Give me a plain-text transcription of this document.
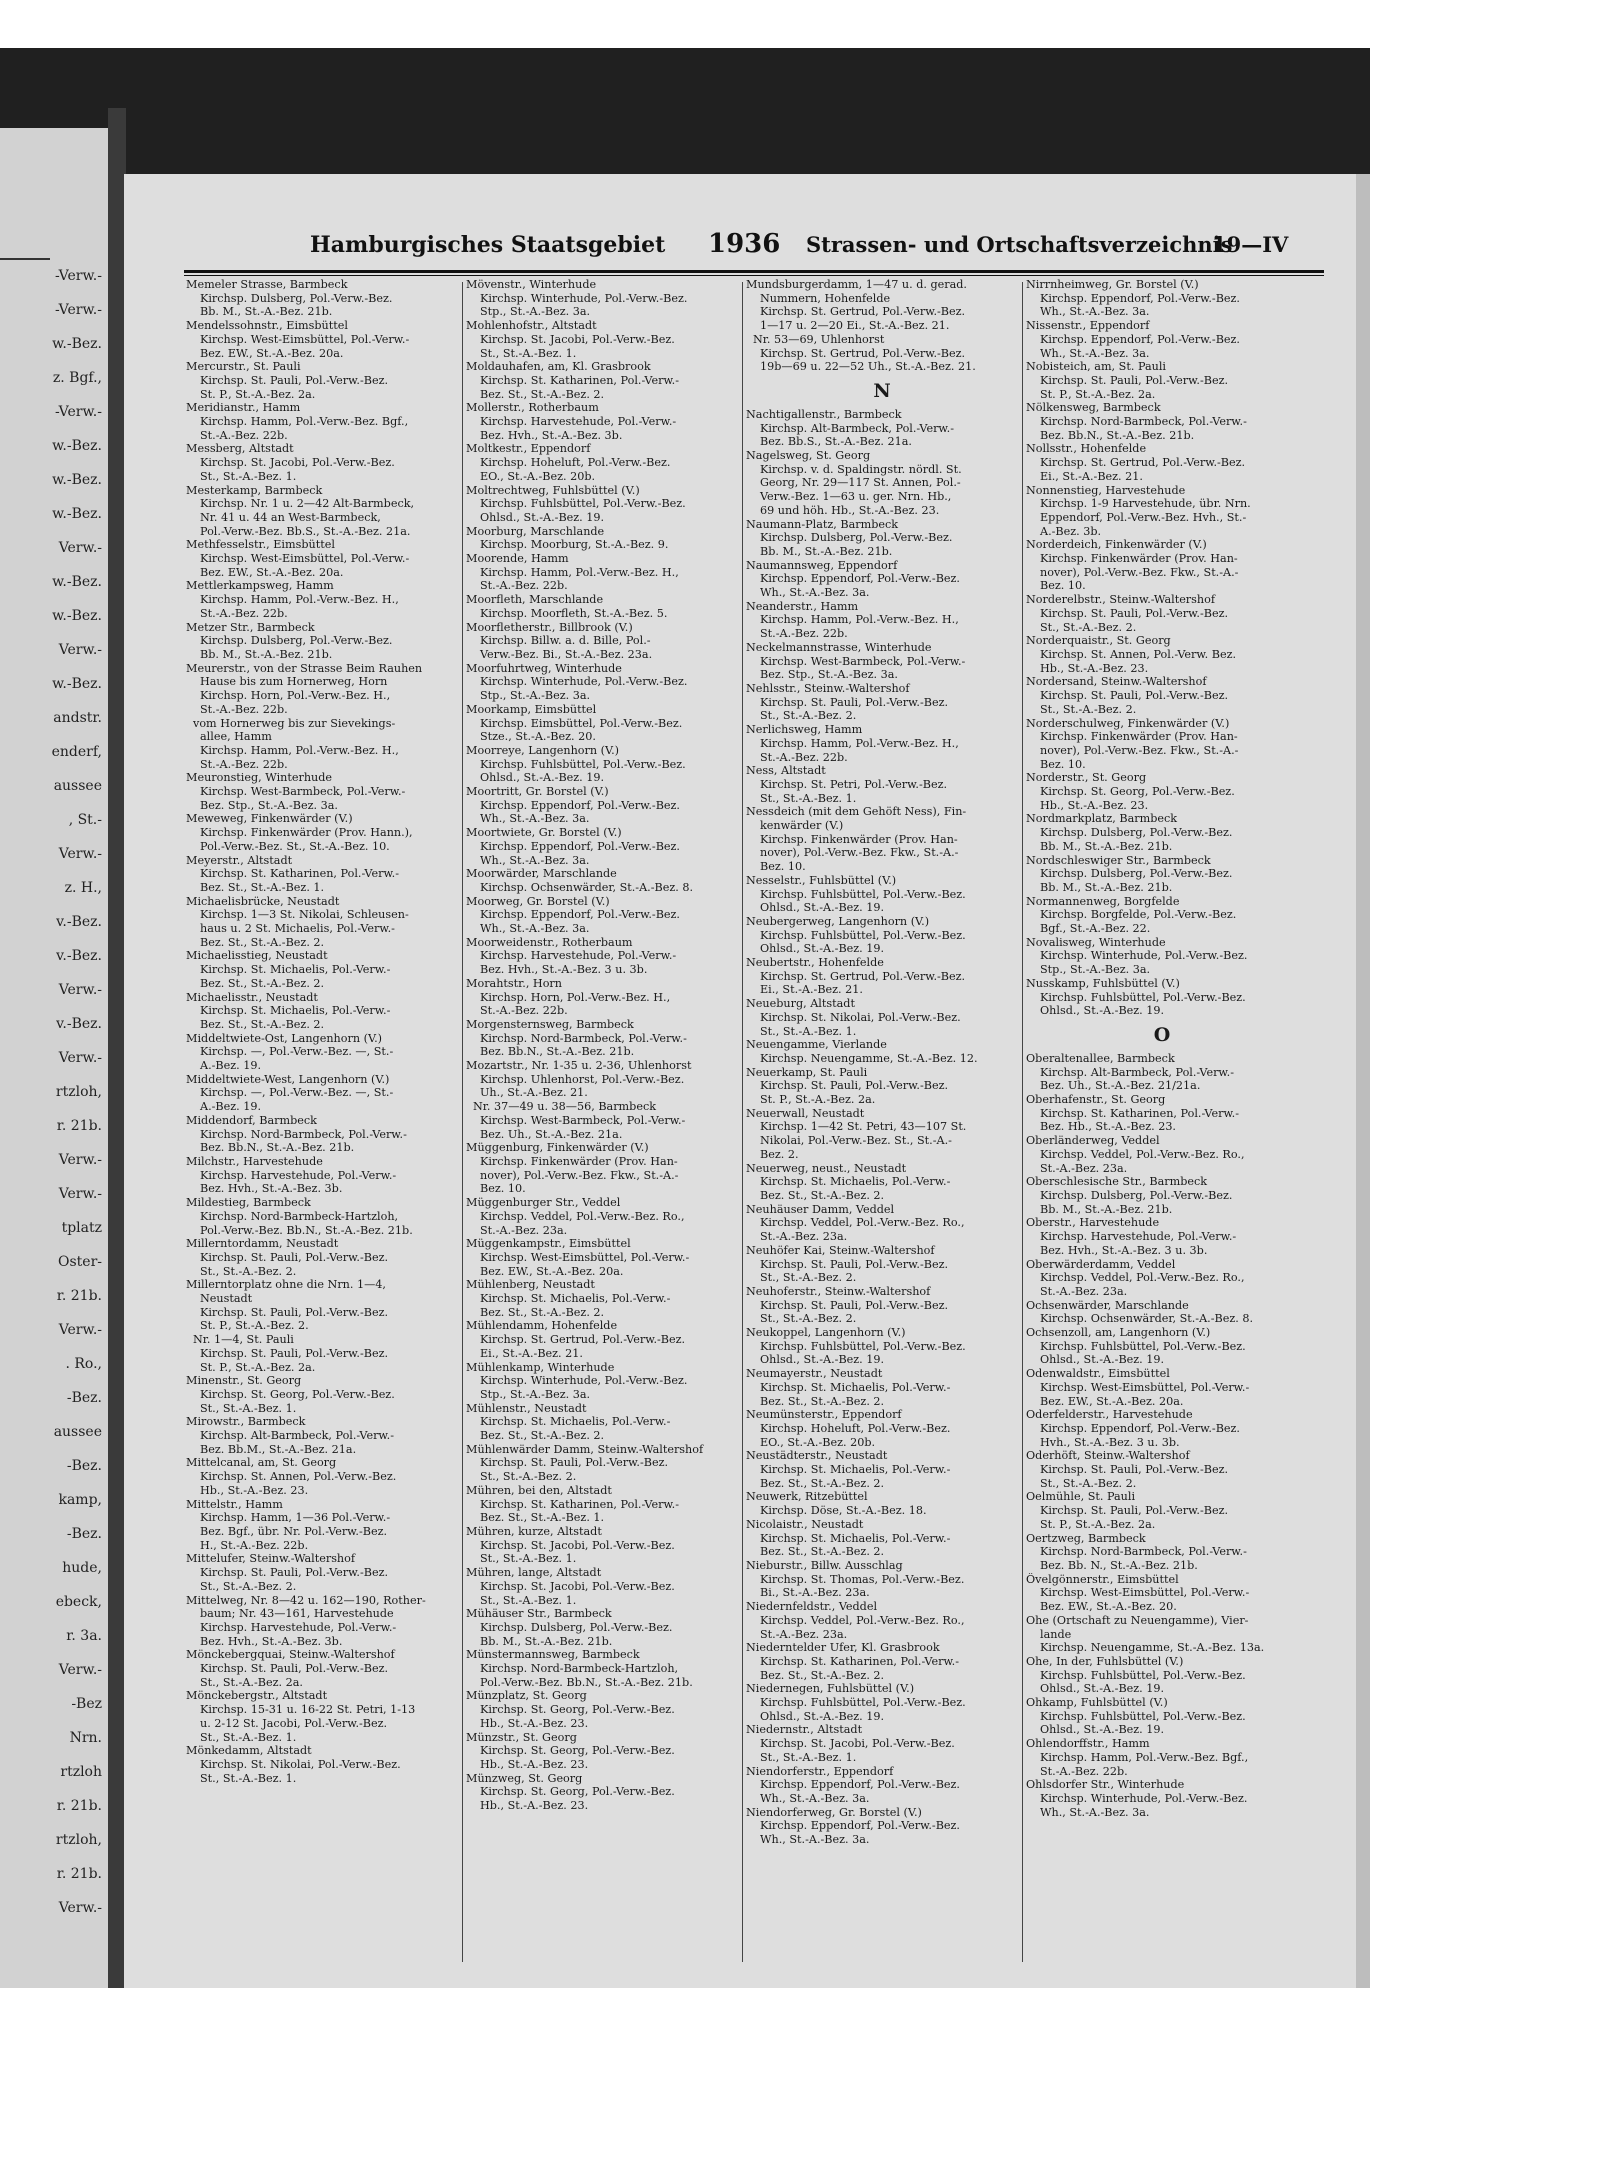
-Verw.-
-Verw.-
w.-Bez.
z. Bgf.,
-Verw.-
w.-Bez.
w.-Bez.
w.-Bez.
Verw.-
w.-Bez.
w.-Bez.
Verw.-
w.-Bez.
andstr.
enderf,
aussee
, St.-
Verw.-
z. H.,
v.-Bez.
v.-Bez.
Verw.-
v.-Bez.
Verw.-
rtzloh,
r. 21b.
Verw.-
Verw.-
tplatz
Oster-
r. 21b.
Verw.-
. Ro.,
-Bez.
aussee
-Bez.
kamp,
-Bez.
hude,
ebeck,
r. 3a.
Verw.-
-Bez
Nrn.
rtzloh
r. 21b.
rtzloh,
r. 21b.
Verw.-
Hamburgisches Staatsgebiet 1936 Strassen- und Ortschaftsverzeichnis
19—IV
Memeler Strasse, Barmbeck
Kirchsp. Dulsberg, Pol.-Verw.-Bez.
Bb. M., St.-A.-Bez. 21b.
Mendelssohnstr., Eimsbüttel
Kirchsp. West-Eimsbüttel, Pol.-Verw.-
Bez. EW., St.-A.-Bez. 20a.
Mercurstr., St. Pauli
Kirchsp. St. Pauli, Pol.-Verw.-Bez.
St. P., St.-A.-Bez. 2a.
Meridianstr., Hamm
Kirchsp. Hamm, Pol.-Verw.-Bez. Bgf.,
St.-A.-Bez. 22b.
Messberg, Altstadt
Kirchsp. St. Jacobi, Pol.-Verw.-Bez.
St., St.-A.-Bez. 1.
Mesterkamp, Barmbeck
Kirchsp. Nr. 1 u. 2—42 Alt-Barmbeck,
Nr. 41 u. 44 an West-Barmbeck,
Pol.-Verw.-Bez. Bb.S., St.-A.-Bez. 21a.
Methfesselstr., Eimsbüttel
Kirchsp. West-Eimsbüttel, Pol.-Verw.-
Bez. EW., St.-A.-Bez. 20a.
Mettlerkampsweg, Hamm
Kirchsp. Hamm, Pol.-Verw.-Bez. H.,
St.-A.-Bez. 22b.
Metzer Str., Barmbeck
Kirchsp. Dulsberg, Pol.-Verw.-Bez.
Bb. M., St.-A.-Bez. 21b.
Meurerstr., von der Strasse Beim Rauhen
Hause bis zum Hornerweg, Horn
Kirchsp. Horn, Pol.-Verw.-Bez. H.,
St.-A.-Bez. 22b.
vom Hornerweg bis zur Sievekings-
allee, Hamm
Kirchsp. Hamm, Pol.-Verw.-Bez. H.,
St.-A.-Bez. 22b.
Meuronstieg, Winterhude
Kirchsp. West-Barmbeck, Pol.-Verw.-
Bez. Stp., St.-A.-Bez. 3a.
Meweweg, Finkenwärder (V.)
Kirchsp. Finkenwärder (Prov. Hann.),
Pol.-Verw.-Bez. St., St.-A.-Bez. 10.
Meyerstr., Altstadt
Kirchsp. St. Katharinen, Pol.-Verw.-
Bez. St., St.-A.-Bez. 1.
Michaelisbrücke, Neustadt
Kirchsp. 1—3 St. Nikolai, Schleusen-
haus u. 2 St. Michaelis, Pol.-Verw.-
Bez. St., St.-A.-Bez. 2.
Michaelisstieg, Neustadt
Kirchsp. St. Michaelis, Pol.-Verw.-
Bez. St., St.-A.-Bez. 2.
Michaelisstr., Neustadt
Kirchsp. St. Michaelis, Pol.-Verw.-
Bez. St., St.-A.-Bez. 2.
Middeltwiete-Ost, Langenhorn (V.)
Kirchsp. —, Pol.-Verw.-Bez. —, St.-
A.-Bez. 19.
Middeltwiete-West, Langenhorn (V.)
Kirchsp. —, Pol.-Verw.-Bez. —, St.-
A.-Bez. 19.
Middendorf, Barmbeck
Kirchsp. Nord-Barmbeck, Pol.-Verw.-
Bez. Bb.N., St.-A.-Bez. 21b.
Milchstr., Harvestehude
Kirchsp. Harvestehude, Pol.-Verw.-
Bez. Hvh., St.-A.-Bez. 3b.
Mildestieg, Barmbeck
Kirchsp. Nord-Barmbeck-Hartzloh,
Pol.-Verw.-Bez. Bb.N., St.-A.-Bez. 21b.
Millerntordamm, Neustadt
Kirchsp. St. Pauli, Pol.-Verw.-Bez.
St., St.-A.-Bez. 2.
Millerntorplatz ohne die Nrn. 1—4,
Neustadt
Kirchsp. St. Pauli, Pol.-Verw.-Bez.
St. P., St.-A.-Bez. 2.
Nr. 1—4, St. Pauli
Kirchsp. St. Pauli, Pol.-Verw.-Bez.
St. P., St.-A.-Bez. 2a.
Minenstr., St. Georg
Kirchsp. St. Georg, Pol.-Verw.-Bez.
St., St.-A.-Bez. 1.
Mirowstr., Barmbeck
Kirchsp. Alt-Barmbeck, Pol.-Verw.-
Bez. Bb.M., St.-A.-Bez. 21a.
Mittelcanal, am, St. Georg
Kirchsp. St. Annen, Pol.-Verw.-Bez.
Hb., St.-A.-Bez. 23.
Mittelstr., Hamm
Kirchsp. Hamm, 1—36 Pol.-Verw.-
Bez. Bgf., übr. Nr. Pol.-Verw.-Bez.
H., St.-A.-Bez. 22b.
Mittelufer, Steinw.-Waltershof
Kirchsp. St. Pauli, Pol.-Verw.-Bez.
St., St.-A.-Bez. 2.
Mittelweg, Nr. 8—42 u. 162—190, Rother-
baum; Nr. 43—161, Harvestehude
Kirchsp. Harvestehude, Pol.-Verw.-
Bez. Hvh., St.-A.-Bez. 3b.
Mönckebergquai, Steinw.-Waltershof
Kirchsp. St. Pauli, Pol.-Verw.-Bez.
St., St.-A.-Bez. 2a.
Mönckebergstr., Altstadt
Kirchsp. 15-31 u. 16-22 St. Petri, 1-13
u. 2-12 St. Jacobi, Pol.-Verw.-Bez.
St., St.-A.-Bez. 1.
Mönkedamm, Altstadt
Kirchsp. St. Nikolai, Pol.-Verw.-Bez.
St., St.-A.-Bez. 1.
Mövenstr., Winterhude
Kirchsp. Winterhude, Pol.-Verw.-Bez.
Stp., St.-A.-Bez. 3a.
Mohlenhofstr., Altstadt
Kirchsp. St. Jacobi, Pol.-Verw.-Bez.
St., St.-A.-Bez. 1.
Moldauhafen, am, Kl. Grasbrook
Kirchsp. St. Katharinen, Pol.-Verw.-
Bez. St., St.-A.-Bez. 2.
Mollerstr., Rotherbaum
Kirchsp. Harvestehude, Pol.-Verw.-
Bez. Hvh., St.-A.-Bez. 3b.
Moltkestr., Eppendorf
Kirchsp. Hoheluft, Pol.-Verw.-Bez.
EO., St.-A.-Bez. 20b.
Moltrechtweg, Fuhlsbüttel (V.)
Kirchsp. Fuhlsbüttel, Pol.-Verw.-Bez.
Ohlsd., St.-A.-Bez. 19.
Moorburg, Marschlande
Kirchsp. Moorburg, St.-A.-Bez. 9.
Moorende, Hamm
Kirchsp. Hamm, Pol.-Verw.-Bez. H.,
St.-A.-Bez. 22b.
Moorfleth, Marschlande
Kirchsp. Moorfleth, St.-A.-Bez. 5.
Moorfletherstr., Billbrook (V.)
Kirchsp. Billw. a. d. Bille, Pol.-
Verw.-Bez. Bi., St.-A.-Bez. 23a.
Moorfuhrtweg, Winterhude
Kirchsp. Winterhude, Pol.-Verw.-Bez.
Stp., St.-A.-Bez. 3a.
Moorkamp, Eimsbüttel
Kirchsp. Eimsbüttel, Pol.-Verw.-Bez.
Stze., St.-A.-Bez. 20.
Moorreye, Langenhorn (V.)
Kirchsp. Fuhlsbüttel, Pol.-Verw.-Bez.
Ohlsd., St.-A.-Bez. 19.
Moortritt, Gr. Borstel (V.)
Kirchsp. Eppendorf, Pol.-Verw.-Bez.
Wh., St.-A.-Bez. 3a.
Moortwiete, Gr. Borstel (V.)
Kirchsp. Eppendorf, Pol.-Verw.-Bez.
Wh., St.-A.-Bez. 3a.
Moorwärder, Marschlande
Kirchsp. Ochsenwärder, St.-A.-Bez. 8.
Moorweg, Gr. Borstel (V.)
Kirchsp. Eppendorf, Pol.-Verw.-Bez.
Wh., St.-A.-Bez. 3a.
Moorweidenstr., Rotherbaum
Kirchsp. Harvestehude, Pol.-Verw.-
Bez. Hvh., St.-A.-Bez. 3 u. 3b.
Morahtstr., Horn
Kirchsp. Horn, Pol.-Verw.-Bez. H.,
St.-A.-Bez. 22b.
Morgensternsweg, Barmbeck
Kirchsp. Nord-Barmbeck, Pol.-Verw.-
Bez. Bb.N., St.-A.-Bez. 21b.
Mozartstr., Nr. 1-35 u. 2-36, Uhlenhorst
Kirchsp. Uhlenhorst, Pol.-Verw.-Bez.
Uh., St.-A.-Bez. 21.
Nr. 37—49 u. 38—56, Barmbeck
Kirchsp. West-Barmbeck, Pol.-Verw.-
Bez. Uh., St.-A.-Bez. 21a.
Müggenburg, Finkenwärder (V.)
Kirchsp. Finkenwärder (Prov. Han-
nover), Pol.-Verw.-Bez. Fkw., St.-A.-
Bez. 10.
Müggenburger Str., Veddel
Kirchsp. Veddel, Pol.-Verw.-Bez. Ro.,
St.-A.-Bez. 23a.
Müggenkampstr., Eimsbüttel
Kirchsp. West-Eimsbüttel, Pol.-Verw.-
Bez. EW., St.-A.-Bez. 20a.
Mühlenberg, Neustadt
Kirchsp. St. Michaelis, Pol.-Verw.-
Bez. St., St.-A.-Bez. 2.
Mühlendamm, Hohenfelde
Kirchsp. St. Gertrud, Pol.-Verw.-Bez.
Ei., St.-A.-Bez. 21.
Mühlenkamp, Winterhude
Kirchsp. Winterhude, Pol.-Verw.-Bez.
Stp., St.-A.-Bez. 3a.
Mühlenstr., Neustadt
Kirchsp. St. Michaelis, Pol.-Verw.-
Bez. St., St.-A.-Bez. 2.
Mühlenwärder Damm, Steinw.-Waltershof
Kirchsp. St. Pauli, Pol.-Verw.-Bez.
St., St.-A.-Bez. 2.
Mühren, bei den, Altstadt
Kirchsp. St. Katharinen, Pol.-Verw.-
Bez. St., St.-A.-Bez. 1.
Mühren, kurze, Altstadt
Kirchsp. St. Jacobi, Pol.-Verw.-Bez.
St., St.-A.-Bez. 1.
Mühren, lange, Altstadt
Kirchsp. St. Jacobi, Pol.-Verw.-Bez.
St., St.-A.-Bez. 1.
Mühäuser Str., Barmbeck
Kirchsp. Dulsberg, Pol.-Verw.-Bez.
Bb. M., St.-A.-Bez. 21b.
Münstermannsweg, Barmbeck
Kirchsp. Nord-Barmbeck-Hartzloh,
Pol.-Verw.-Bez. Bb.N., St.-A.-Bez. 21b.
Münzplatz, St. Georg
Kirchsp. St. Georg, Pol.-Verw.-Bez.
Hb., St.-A.-Bez. 23.
Münzstr., St. Georg
Kirchsp. St. Georg, Pol.-Verw.-Bez.
Hb., St.-A.-Bez. 23.
Münzweg, St. Georg
Kirchsp. St. Georg, Pol.-Verw.-Bez.
Hb., St.-A.-Bez. 23.
Mundsburgerdamm, 1—47 u. d. gerad.
Nummern, Hohenfelde
Kirchsp. St. Gertrud, Pol.-Verw.-Bez.
1—17 u. 2—20 Ei., St.-A.-Bez. 21.
Nr. 53—69, Uhlenhorst
Kirchsp. St. Gertrud, Pol.-Verw.-Bez.
19b—69 u. 22—52 Uh., St.-A.-Bez. 21.
N
Nachtigallenstr., Barmbeck
Kirchsp. Alt-Barmbeck, Pol.-Verw.-
Bez. Bb.S., St.-A.-Bez. 21a.
Nagelsweg, St. Georg
Kirchsp. v. d. Spaldingstr. nördl. St.
Georg, Nr. 29—117 St. Annen, Pol.-
Verw.-Bez. 1—63 u. ger. Nrn. Hb.,
69 und höh. Hb., St.-A.-Bez. 23.
Naumann-Platz, Barmbeck
Kirchsp. Dulsberg, Pol.-Verw.-Bez.
Bb. M., St.-A.-Bez. 21b.
Naumannsweg, Eppendorf
Kirchsp. Eppendorf, Pol.-Verw.-Bez.
Wh., St.-A.-Bez. 3a.
Neanderstr., Hamm
Kirchsp. Hamm, Pol.-Verw.-Bez. H.,
St.-A.-Bez. 22b.
Neckelmannstrasse, Winterhude
Kirchsp. West-Barmbeck, Pol.-Verw.-
Bez. Stp., St.-A.-Bez. 3a.
Nehlsstr., Steinw.-Waltershof
Kirchsp. St. Pauli, Pol.-Verw.-Bez.
St., St.-A.-Bez. 2.
Nerlichsweg, Hamm
Kirchsp. Hamm, Pol.-Verw.-Bez. H.,
St.-A.-Bez. 22b.
Ness, Altstadt
Kirchsp. St. Petri, Pol.-Verw.-Bez.
St., St.-A.-Bez. 1.
Nessdeich (mit dem Gehöft Ness), Fin-
kenwärder (V.)
Kirchsp. Finkenwärder (Prov. Han-
nover), Pol.-Verw.-Bez. Fkw., St.-A.-
Bez. 10.
Nesselstr., Fuhlsbüttel (V.)
Kirchsp. Fuhlsbüttel, Pol.-Verw.-Bez.
Ohlsd., St.-A.-Bez. 19.
Neubergerweg, Langenhorn (V.)
Kirchsp. Fuhlsbüttel, Pol.-Verw.-Bez.
Ohlsd., St.-A.-Bez. 19.
Neubertstr., Hohenfelde
Kirchsp. St. Gertrud, Pol.-Verw.-Bez.
Ei., St.-A.-Bez. 21.
Neueburg, Altstadt
Kirchsp. St. Nikolai, Pol.-Verw.-Bez.
St., St.-A.-Bez. 1.
Neuengamme, Vierlande
Kirchsp. Neuengamme, St.-A.-Bez. 12.
Neuerkamp, St. Pauli
Kirchsp. St. Pauli, Pol.-Verw.-Bez.
St. P., St.-A.-Bez. 2a.
Neuerwall, Neustadt
Kirchsp. 1—42 St. Petri, 43—107 St.
Nikolai, Pol.-Verw.-Bez. St., St.-A.-
Bez. 2.
Neuerweg, neust., Neustadt
Kirchsp. St. Michaelis, Pol.-Verw.-
Bez. St., St.-A.-Bez. 2.
Neuhäuser Damm, Veddel
Kirchsp. Veddel, Pol.-Verw.-Bez. Ro.,
St.-A.-Bez. 23a.
Neuhöfer Kai, Steinw.-Waltershof
Kirchsp. St. Pauli, Pol.-Verw.-Bez.
St., St.-A.-Bez. 2.
Neuhoferstr., Steinw.-Waltershof
Kirchsp. St. Pauli, Pol.-Verw.-Bez.
St., St.-A.-Bez. 2.
Neukoppel, Langenhorn (V.)
Kirchsp. Fuhlsbüttel, Pol.-Verw.-Bez.
Ohlsd., St.-A.-Bez. 19.
Neumayerstr., Neustadt
Kirchsp. St. Michaelis, Pol.-Verw.-
Bez. St., St.-A.-Bez. 2.
Neumünsterstr., Eppendorf
Kirchsp. Hoheluft, Pol.-Verw.-Bez.
EO., St.-A.-Bez. 20b.
Neustädterstr., Neustadt
Kirchsp. St. Michaelis, Pol.-Verw.-
Bez. St., St.-A.-Bez. 2.
Neuwerk, Ritzebüttel
Kirchsp. Döse, St.-A.-Bez. 18.
Nicolaistr., Neustadt
Kirchsp. St. Michaelis, Pol.-Verw.-
Bez. St., St.-A.-Bez. 2.
Nieburstr., Billw. Ausschlag
Kirchsp. St. Thomas, Pol.-Verw.-Bez.
Bi., St.-A.-Bez. 23a.
Niedernfeldstr., Veddel
Kirchsp. Veddel, Pol.-Verw.-Bez. Ro.,
St.-A.-Bez. 23a.
Niederntelder Ufer, Kl. Grasbrook
Kirchsp. St. Katharinen, Pol.-Verw.-
Bez. St., St.-A.-Bez. 2.
Niedernegen, Fuhlsbüttel (V.)
Kirchsp. Fuhlsbüttel, Pol.-Verw.-Bez.
Ohlsd., St.-A.-Bez. 19.
Niedernstr., Altstadt
Kirchsp. St. Jacobi, Pol.-Verw.-Bez.
St., St.-A.-Bez. 1.
Niendorferstr., Eppendorf
Kirchsp. Eppendorf, Pol.-Verw.-Bez.
Wh., St.-A.-Bez. 3a.
Niendorferweg, Gr. Borstel (V.)
Kirchsp. Eppendorf, Pol.-Verw.-Bez.
Wh., St.-A.-Bez. 3a.
Nirrnheimweg, Gr. Borstel (V.)
Kirchsp. Eppendorf, Pol.-Verw.-Bez.
Wh., St.-A.-Bez. 3a.
Nissenstr., Eppendorf
Kirchsp. Eppendorf, Pol.-Verw.-Bez.
Wh., St.-A.-Bez. 3a.
Nobisteich, am, St. Pauli
Kirchsp. St. Pauli, Pol.-Verw.-Bez.
St. P., St.-A.-Bez. 2a.
Nölkensweg, Barmbeck
Kirchsp. Nord-Barmbeck, Pol.-Verw.-
Bez. Bb.N., St.-A.-Bez. 21b.
Nollsstr., Hohenfelde
Kirchsp. St. Gertrud, Pol.-Verw.-Bez.
Ei., St.-A.-Bez. 21.
Nonnenstieg, Harvestehude
Kirchsp. 1-9 Harvestehude, übr. Nrn.
Eppendorf, Pol.-Verw.-Bez. Hvh., St.-
A.-Bez. 3b.
Norderdeich, Finkenwärder (V.)
Kirchsp. Finkenwärder (Prov. Han-
nover), Pol.-Verw.-Bez. Fkw., St.-A.-
Bez. 10.
Norderelbstr., Steinw.-Waltershof
Kirchsp. St. Pauli, Pol.-Verw.-Bez.
St., St.-A.-Bez. 2.
Norderquaistr., St. Georg
Kirchsp. St. Annen, Pol.-Verw. Bez.
Hb., St.-A.-Bez. 23.
Nordersand, Steinw.-Waltershof
Kirchsp. St. Pauli, Pol.-Verw.-Bez.
St., St.-A.-Bez. 2.
Norderschulweg, Finkenwärder (V.)
Kirchsp. Finkenwärder (Prov. Han-
nover), Pol.-Verw.-Bez. Fkw., St.-A.-
Bez. 10.
Norderstr., St. Georg
Kirchsp. St. Georg, Pol.-Verw.-Bez.
Hb., St.-A.-Bez. 23.
Nordmarkplatz, Barmbeck
Kirchsp. Dulsberg, Pol.-Verw.-Bez.
Bb. M., St.-A.-Bez. 21b.
Nordschleswiger Str., Barmbeck
Kirchsp. Dulsberg, Pol.-Verw.-Bez.
Bb. M., St.-A.-Bez. 21b.
Normannenweg, Borgfelde
Kirchsp. Borgfelde, Pol.-Verw.-Bez.
Bgf., St.-A.-Bez. 22.
Novalisweg, Winterhude
Kirchsp. Winterhude, Pol.-Verw.-Bez.
Stp., St.-A.-Bez. 3a.
Nusskamp, Fuhlsbüttel (V.)
Kirchsp. Fuhlsbüttel, Pol.-Verw.-Bez.
Ohlsd., St.-A.-Bez. 19.
O
Oberaltenallee, Barmbeck
Kirchsp. Alt-Barmbeck, Pol.-Verw.-
Bez. Uh., St.-A.-Bez. 21/21a.
Oberhafenstr., St. Georg
Kirchsp. St. Katharinen, Pol.-Verw.-
Bez. Hb., St.-A.-Bez. 23.
Oberländerweg, Veddel
Kirchsp. Veddel, Pol.-Verw.-Bez. Ro.,
St.-A.-Bez. 23a.
Oberschlesische Str., Barmbeck
Kirchsp. Dulsberg, Pol.-Verw.-Bez.
Bb. M., St.-A.-Bez. 21b.
Oberstr., Harvestehude
Kirchsp. Harvestehude, Pol.-Verw.-
Bez. Hvh., St.-A.-Bez. 3 u. 3b.
Oberwärderdamm, Veddel
Kirchsp. Veddel, Pol.-Verw.-Bez. Ro.,
St.-A.-Bez. 23a.
Ochsenwärder, Marschlande
Kirchsp. Ochsenwärder, St.-A.-Bez. 8.
Ochsenzoll, am, Langenhorn (V.)
Kirchsp. Fuhlsbüttel, Pol.-Verw.-Bez.
Ohlsd., St.-A.-Bez. 19.
Odenwaldstr., Eimsbüttel
Kirchsp. West-Eimsbüttel, Pol.-Verw.-
Bez. EW., St.-A.-Bez. 20a.
Oderfelderstr., Harvestehude
Kirchsp. Eppendorf, Pol.-Verw.-Bez.
Hvh., St.-A.-Bez. 3 u. 3b.
Oderhöft, Steinw.-Waltershof
Kirchsp. St. Pauli, Pol.-Verw.-Bez.
St., St.-A.-Bez. 2.
Oelmühle, St. Pauli
Kirchsp. St. Pauli, Pol.-Verw.-Bez.
St. P., St.-A.-Bez. 2a.
Oertzweg, Barmbeck
Kirchsp. Nord-Barmbeck, Pol.-Verw.-
Bez. Bb. N., St.-A.-Bez. 21b.
Övelgönnerstr., Eimsbüttel
Kirchsp. West-Eimsbüttel, Pol.-Verw.-
Bez. EW., St.-A.-Bez. 20.
Ohe (Ortschaft zu Neuengamme), Vier-
lande
Kirchsp. Neuengamme, St.-A.-Bez. 13a.
Ohe, In der, Fuhlsbüttel (V.)
Kirchsp. Fuhlsbüttel, Pol.-Verw.-Bez.
Ohlsd., St.-A.-Bez. 19.
Ohkamp, Fuhlsbüttel (V.)
Kirchsp. Fuhlsbüttel, Pol.-Verw.-Bez.
Ohlsd., St.-A.-Bez. 19.
Ohlendorffstr., Hamm
Kirchsp. Hamm, Pol.-Verw.-Bez. Bgf.,
St.-A.-Bez. 22b.
Ohlsdorfer Str., Winterhude
Kirchsp. Winterhude, Pol.-Verw.-Bez.
Wh., St.-A.-Bez. 3a.
